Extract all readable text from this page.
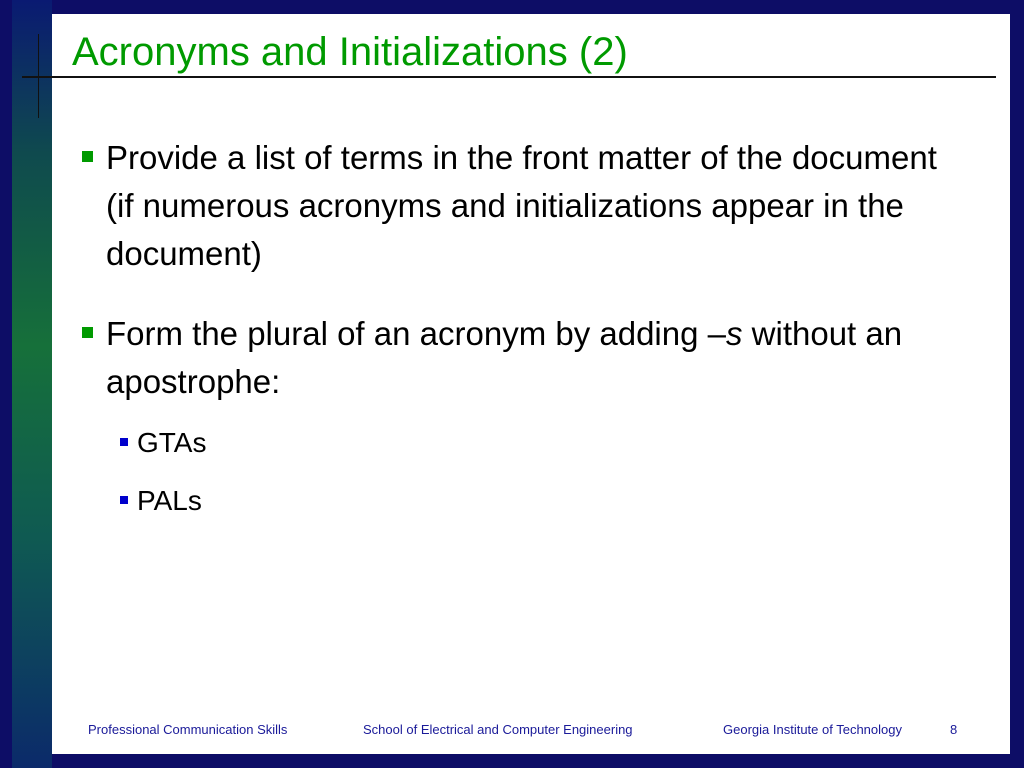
Acronyms and Initializations (2)
Provide a list of terms in the front matter of the document (if numerous acronyms and initializations appear in the document)
Form the plural of an acronym by adding –s without an apostrophe:
GTAs
PALs
Professional Communication Skills	School of Electrical and Computer Engineering	Georgia Institute of Technology	8
